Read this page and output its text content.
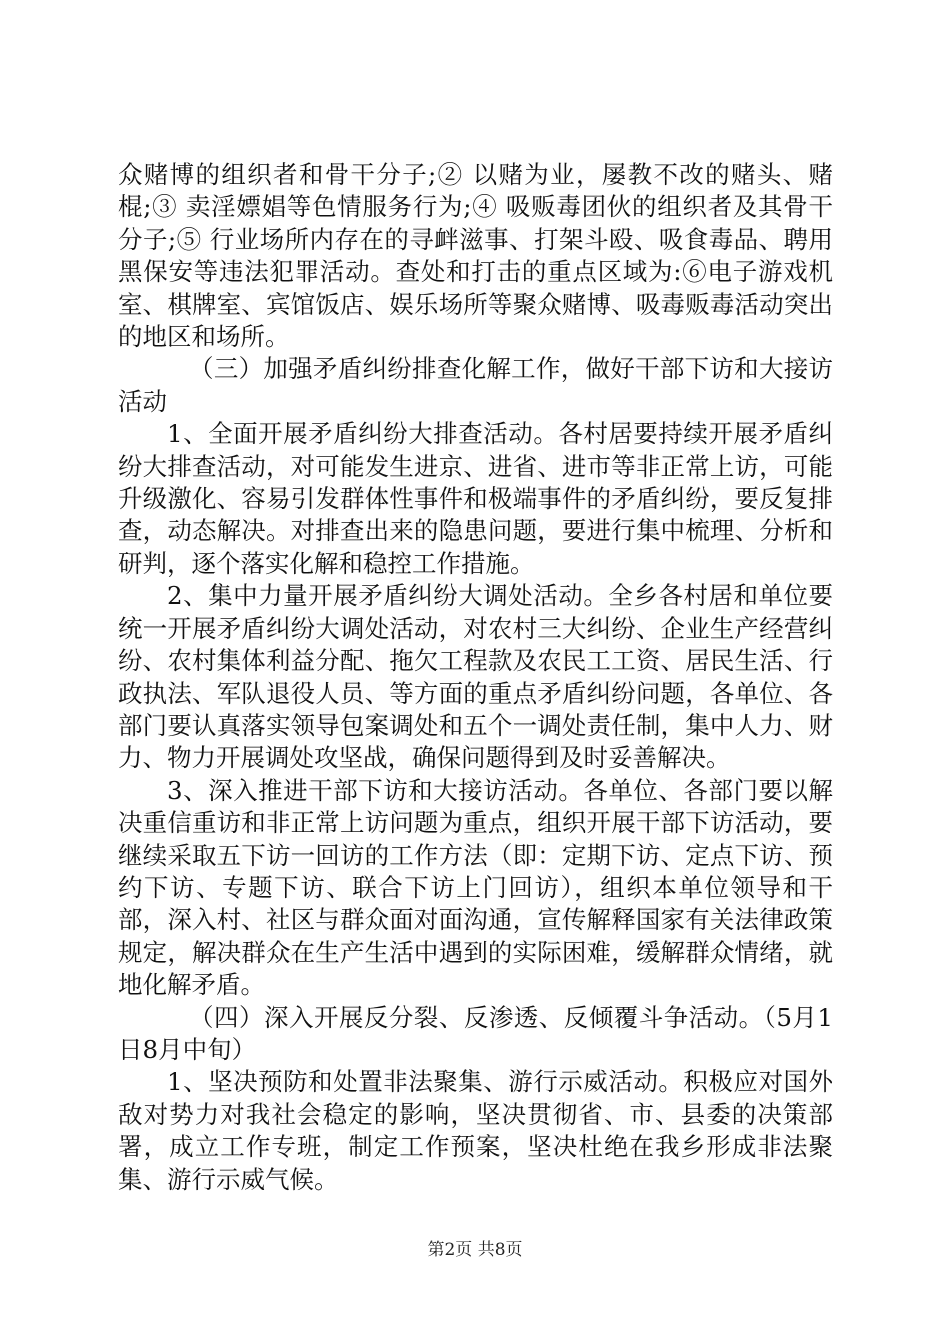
众赌博的组织者和骨干分子;② 以赌为业，屡教不改的赌头、赌棍;③ 卖淫嫖娼等色情服务行为;④ 吸贩毒团伙的组织者及其骨干分子;⑤ 行业场所内存在的寻衅滋事、打架斗殴、吸食毒品、聘用黑保安等违法犯罪活动。查处和打击的重点区域为:⑥电子游戏机室、棋牌室、宾馆饭店、娱乐场所等聚众赌博、吸毒贩毒活动突出的地区和场所。

（三）加强矛盾纠纷排查化解工作，做好干部下访和大接访活动

1、全面开展矛盾纠纷大排查活动。各村居要持续开展矛盾纠纷大排查活动，对可能发生进京、进省、进市等非正常上访，可能升级激化、容易引发群体性事件和极端事件的矛盾纠纷，要反复排查，动态解决。对排查出来的隐患问题，要进行集中梳理、分析和研判，逐个落实化解和稳控工作措施。

2、集中力量开展矛盾纠纷大调处活动。全乡各村居和单位要统一开展矛盾纠纷大调处活动，对农村三大纠纷、企业生产经营纠纷、农村集体利益分配、拖欠工程款及农民工工资、居民生活、行政执法、军队退役人员、等方面的重点矛盾纠纷问题，各单位、各部门要认真落实领导包案调处和五个一调处责任制，集中人力、财力、物力开展调处攻坚战，确保问题得到及时妥善解决。

3、深入推进干部下访和大接访活动。各单位、各部门要以解决重信重访和非正常上访问题为重点，组织开展干部下访活动，要继续采取五下访一回访的工作方法（即：定期下访、定点下访、预约下访、专题下访、联合下访上门回访），组织本单位领导和干部，深入村、社区与群众面对面沟通，宣传解释国家有关法律政策规定，解决群众在生产生活中遇到的实际困难，缓解群众情绪，就地化解矛盾。

（四）深入开展反分裂、反渗透、反倾覆斗争活动。（5月1日8月中旬）

1、坚决预防和处置非法聚集、游行示威活动。积极应对国外敌对势力对我社会稳定的影响，坚决贯彻省、市、县委的决策部署，成立工作专班，制定工作预案，坚决杜绝在我乡形成非法聚集、游行示威气候。

第2页 共8页
